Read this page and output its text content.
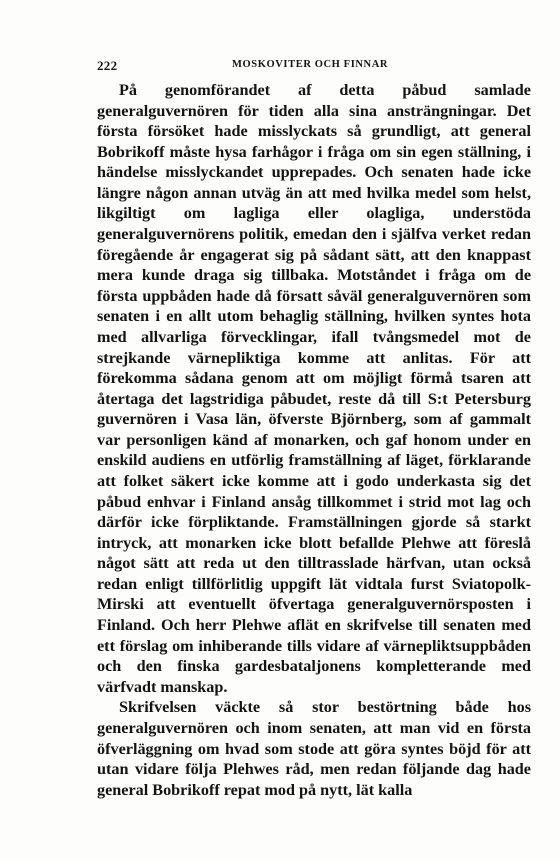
222	MOSKOVITER OCH FINNAR

På genomförandet af detta påbud samlade generalguvernören för tiden alla sina ansträngningar. Det första försöket hade misslyckats så grundligt, att general Bobrikoff måste hysa farhågor i fråga om sin egen ställning, i händelse misslyckandet upprepades. Och senaten hade icke längre någon annan utväg än att med hvilka medel som helst, likgiltigt om lagliga eller olagliga, understöda generalguvernörens politik, emedan den i själfva verket redan föregående år engagerat sig på sådant sätt, att den knappast mera kunde draga sig tillbaka. Motståndet i fråga om de första uppbåden hade då försatt såväl generalguvernören som senaten i en allt utom behaglig ställning, hvilken syntes hota med allvarliga förvecklingar, ifall tvångsmedel mot de strejkande värnepliktiga komme att anlitas. För att förekomma sådana genom att om möjligt förmå tsaren att återtaga det lagstridiga påbudet, reste då till S:t Petersburg guvernören i Vasa län, öfverste Björnberg, som af gammalt var personligen känd af monarken, och gaf honom under en enskild audiens en utförlig framställning af läget, förklarande att folket säkert icke komme att i godo underkasta sig det påbud enhvar i Finland ansåg tillkommet i strid mot lag och därför icke förpliktande. Framställningen gjorde så starkt intryck, att monarken icke blott befallde Plehwe att föreslå något sätt att reda ut den tilltrasslade härfvan, utan också redan enligt tillförlitlig uppgift lät vidtala furst Sviatopolk-Mirski att eventuellt öfvertaga generalguvernörsposten i Finland. Och herr Plehwe aflät en skrifvelse till senaten med ett förslag om inhiberande tills vidare af värnepliktsuppbåden och den finska gardesbataljonens kompletterande med värfvadt manskap.

Skrifvelsen väckte så stor bestörtning både hos generalguvernören och inom senaten, att man vid en första öfverläggning om hvad som stode att göra syntes böjd för att utan vidare följa Plehwes råd, men redan följande dag hade general Bobrikoff repat mod på nytt, lät kalla
